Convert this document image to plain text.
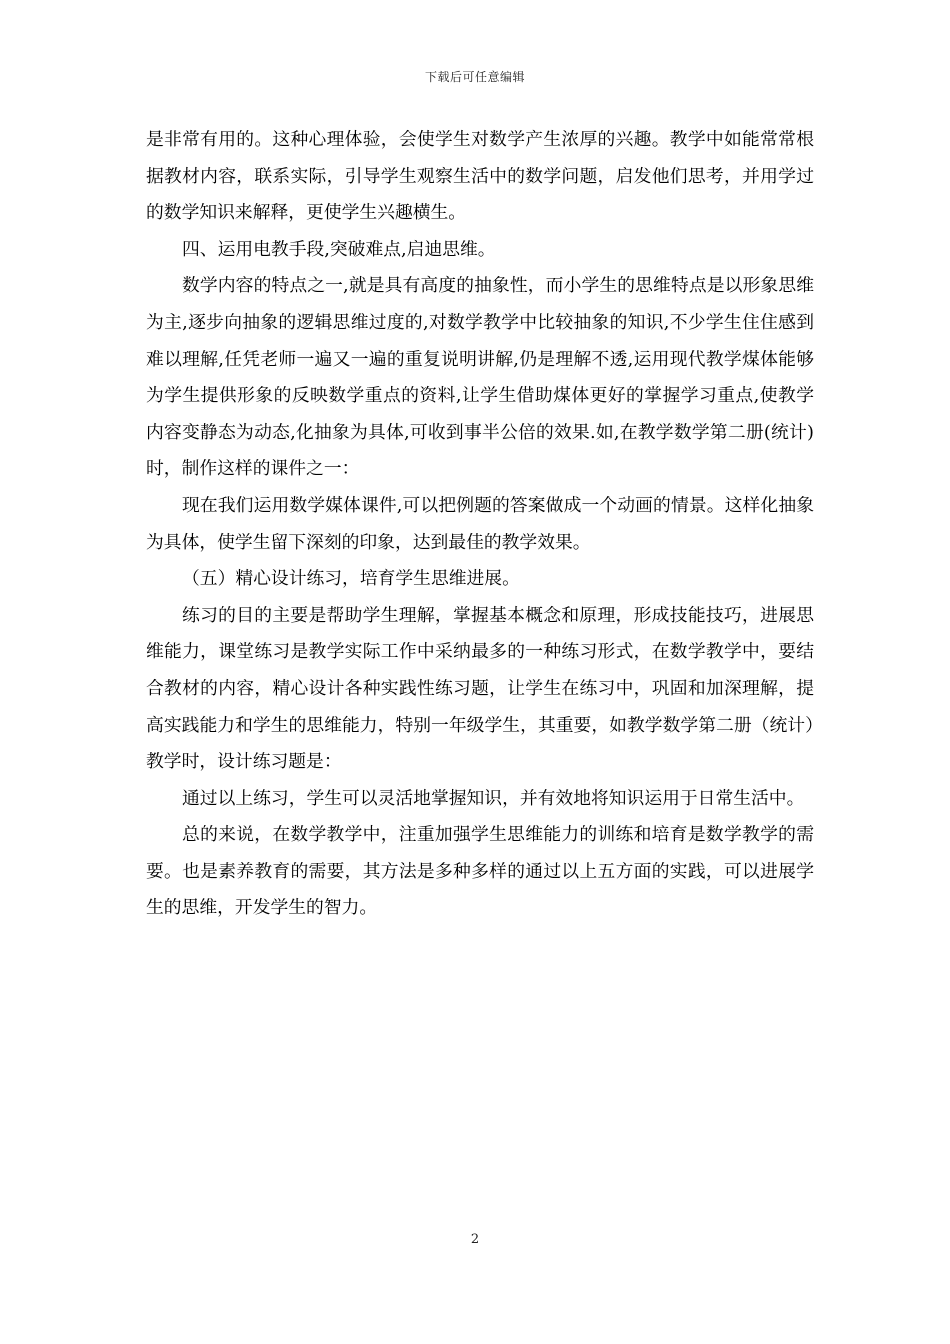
下载后可任意编辑

是非常有用的。这种心理体验，会使学生对数学产生浓厚的兴趣。教学中如能常常根据教材内容，联系实际，引导学生观察生活中的数学问题，启发他们思考，并用学过的数学知识来解释，更使学生兴趣横生。

四、运用电教手段,突破难点,启迪思维。

数学内容的特点之一,就是具有高度的抽象性，而小学生的思维特点是以形象思维为主,逐步向抽象的逻辑思维过度的,对数学教学中比较抽象的知识,不少学生住住感到难以理解,任凭老师一遍又一遍的重复说明讲解,仍是理解不透,运用现代教学煤体能够为学生提供形象的反映数学重点的资料,让学生借助煤体更好的掌握学习重点,使教学内容变静态为动态,化抽象为具体,可收到事半公倍的效果.如,在教学数学第二册(统计)时，制作这样的课件之一：

现在我们运用数学媒体课件,可以把例题的答案做成一个动画的情景。这样化抽象为具体，使学生留下深刻的印象，达到最佳的教学效果。

（五）精心设计练习，培育学生思维进展。

练习的目的主要是帮助学生理解，掌握基本概念和原理，形成技能技巧，进展思维能力，课堂练习是教学实际工作中采纳最多的一种练习形式，在数学教学中，要结合教材的内容，精心设计各种实践性练习题，让学生在练习中，巩固和加深理解，提高实践能力和学生的思维能力，特别一年级学生，其重要，如教学数学第二册（统计）教学时，设计练习题是：

通过以上练习，学生可以灵活地掌握知识，并有效地将知识运用于日常生活中。

总的来说，在数学教学中，注重加强学生思维能力的训练和培育是数学教学的需要。也是素养教育的需要，其方法是多种多样的通过以上五方面的实践，可以进展学生的思维，开发学生的智力。

2
